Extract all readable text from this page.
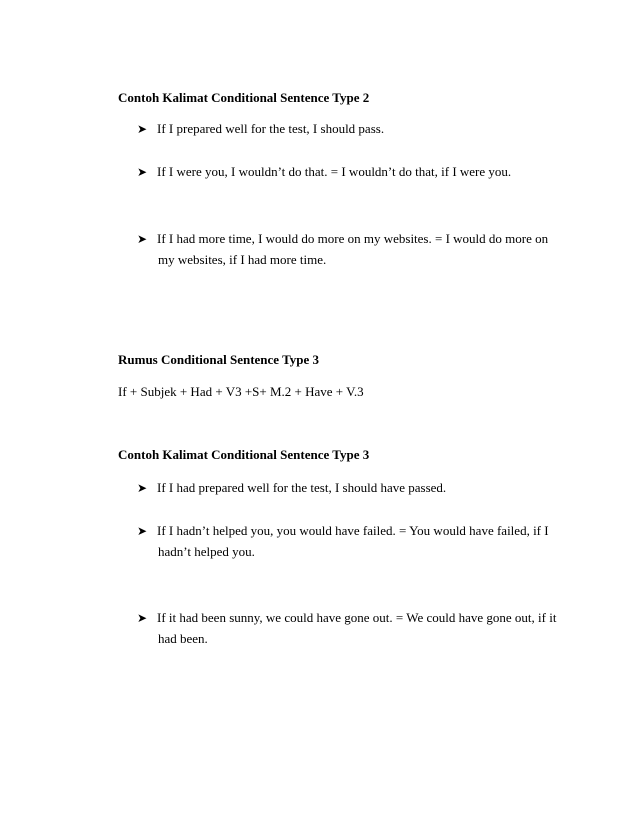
Contoh Kalimat Conditional Sentence Type 2
➤ If I prepared well for the test, I should pass.
➤ If I were you, I wouldn’t do that. = I wouldn’t do that, if I were you.
➤ If I had more time, I would do more on my websites. = I would do more on
my websites, if I had more time.
Rumus Conditional Sentence Type 3
If + Subjek + Had + V3 +S+ M.2 + Have + V.3
Contoh Kalimat Conditional Sentence Type 3
➤ If I had prepared well for the test, I should have passed.
➤ If I hadn’t helped you, you would have failed. = You would have failed, if I
hadn’t helped you.
➤ If it had been sunny, we could have gone out. = We could have gone out, if it
had been.
